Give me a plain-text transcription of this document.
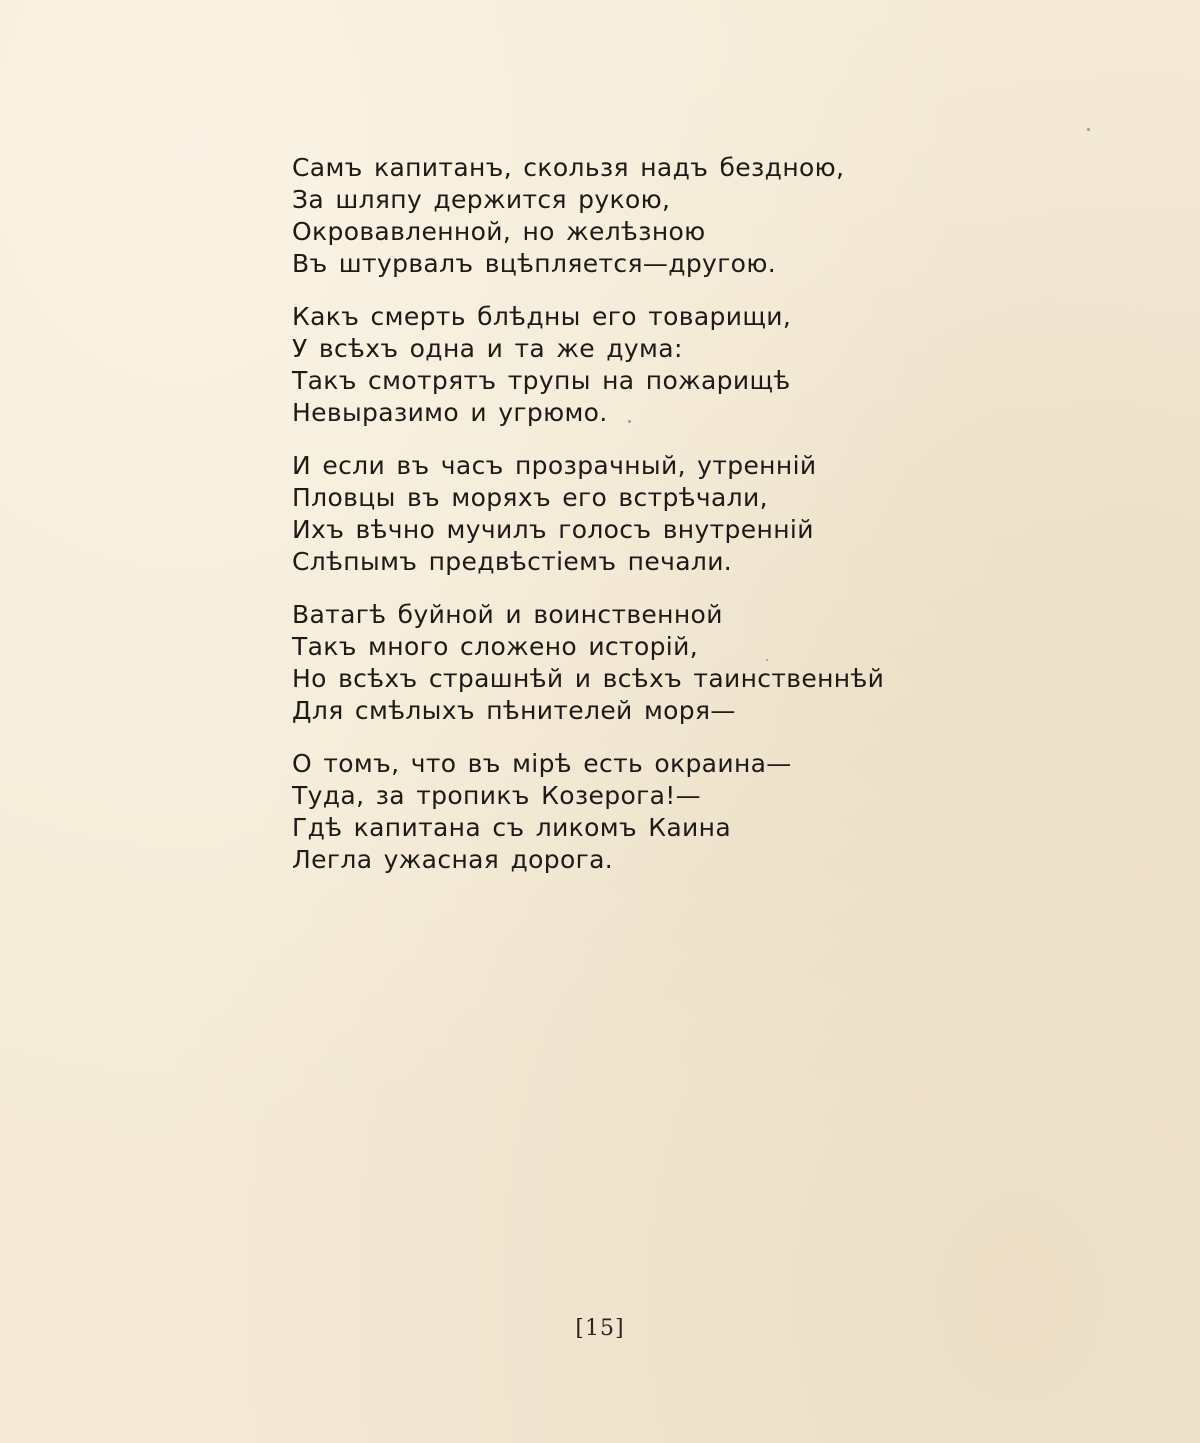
Самъ капитанъ, скользя надъ бездною,
За шляпу держится рукою,
Окровавленной, но желѣзною
Въ штурвалъ вцѣпляется—другою.
Какъ смерть блѣдны его товарищи,
У всѣхъ одна и та же дума:
Такъ смотрятъ трупы на пожарищѣ
Невыразимо и угрюмо.
И если въ часъ прозрачный, утренній
Пловцы въ моряхъ его встрѣчали,
Ихъ вѣчно мучилъ голосъ внутренній
Слѣпымъ предвѣстіемъ печали.
Ватагѣ буйной и воинственной
Такъ много сложено исторій,
Но всѣхъ страшнѣй и всѣхъ таинственнѣй
Для смѣлыхъ пѣнителей моря—
О томъ, что въ мірѣ есть окраина—
Туда, за тропикъ Козерога!—
Гдѣ капитана съ ликомъ Каина
Легла ужасная дорога.
[15]
